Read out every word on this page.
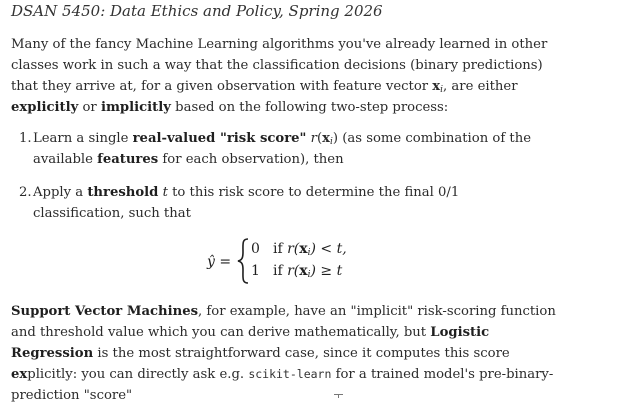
DSAN 5450: Data Ethics and Policy, Spring 2026
Many of the fancy Machine Learning algorithms you've already learned in other classes work in such a way that the classification decisions (binary predictions) that they arrive at, for a given observation with feature vector $x_i$, are either explicitly or implicitly based on the following two-step process:
1. Learn a single real-valued "risk score" $r(x_i)$ (as some combination of the available features for each observation), then
2. Apply a threshold t to this risk score to determine the final 0/1 classification, such that
ŷ =
0 if $r(x_i) < t$,
1 if $r(x_i) \ge t$
Support Vector Machines, for example, have an "implicit" risk-scoring function and threshold value which you can derive mathematically, but Logistic Regression is the most straightforward case, since it computes this score explicitly: you can directly ask e.g. scikit-learn for a trained model's pre-binary-prediction "score"
